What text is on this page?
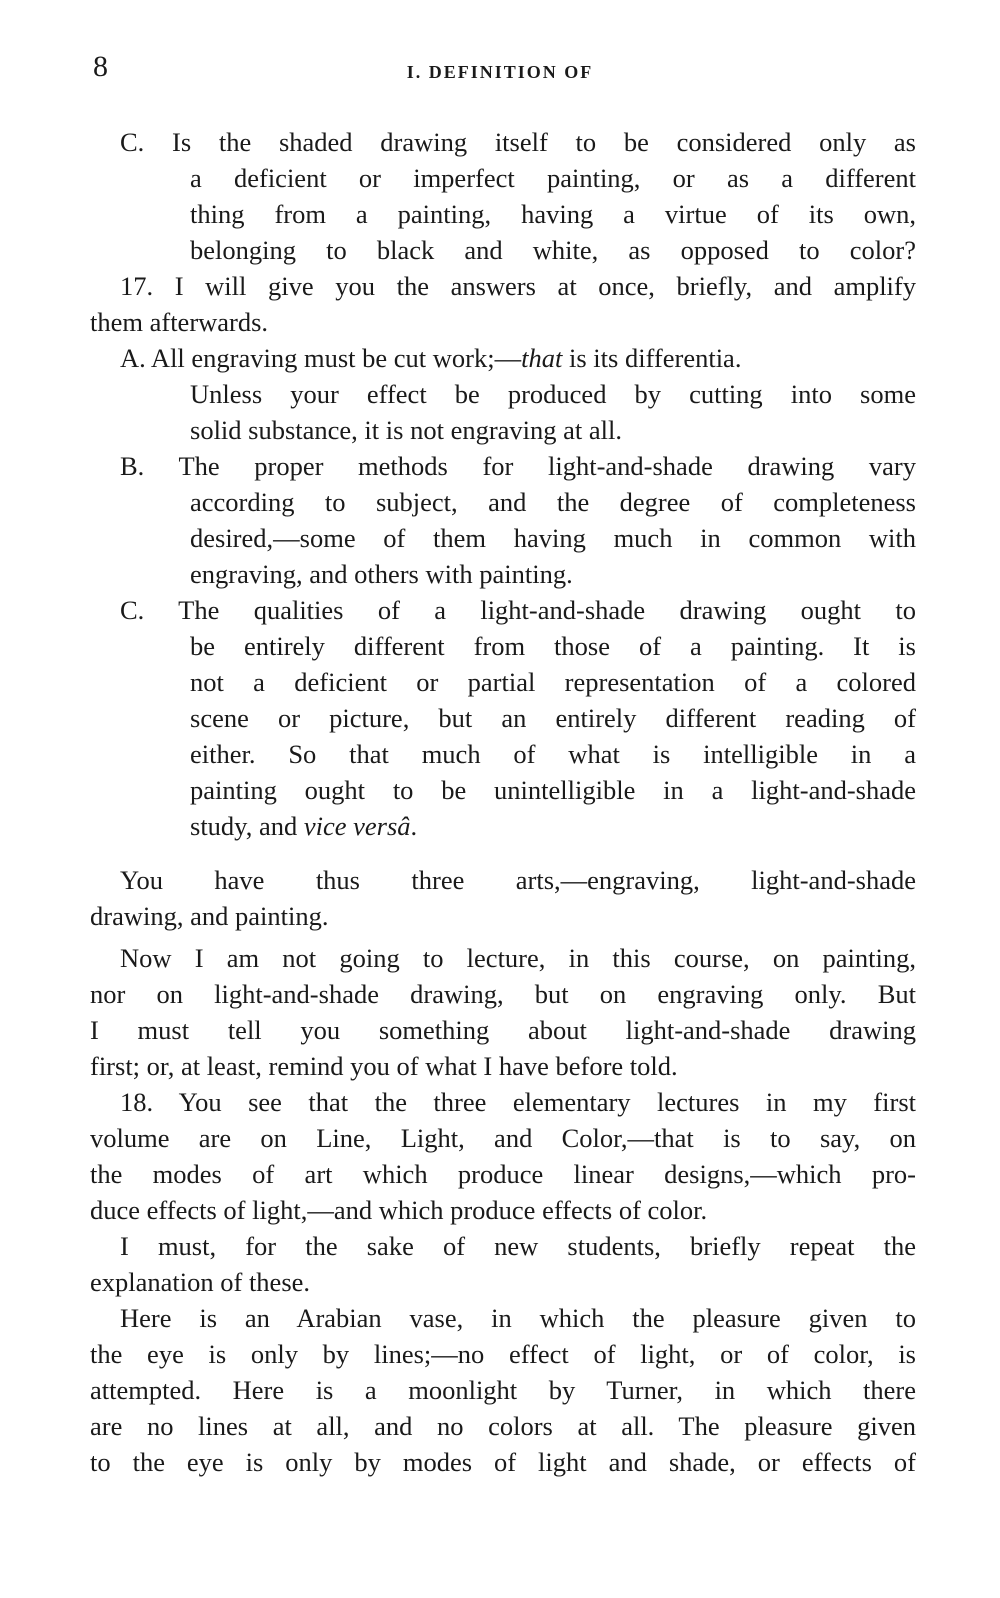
8	I. DEFINITION OF
C. Is the shaded drawing itself to be considered only as
a deficient or imperfect painting, or as a different
thing from a painting, having a virtue of its own,
belonging to black and white, as opposed to color?
17. I will give you the answers at once, briefly, and amplify
them afterwards.
A. All engraving must be cut work;—that is its differentia.
Unless your effect be produced by cutting into some
solid substance, it is not engraving at all.
B. The proper methods for light-and-shade drawing vary
according to subject, and the degree of completeness
desired,—some of them having much in common with
engraving, and others with painting.
C. The qualities of a light-and-shade drawing ought to
be entirely different from those of a painting. It is
not a deficient or partial representation of a colored
scene or picture, but an entirely different reading of
either. So that much of what is intelligible in a
painting ought to be unintelligible in a light-and-shade
study, and vice versâ.
You have thus three arts,—engraving, light-and-shade
drawing, and painting.
Now I am not going to lecture, in this course, on painting,
nor on light-and-shade drawing, but on engraving only. But
I must tell you something about light-and-shade drawing
first; or, at least, remind you of what I have before told.
18. You see that the three elementary lectures in my first
volume are on Line, Light, and Color,—that is to say, on
the modes of art which produce linear designs,—which pro-
duce effects of light,—and which produce effects of color.
I must, for the sake of new students, briefly repeat the
explanation of these.
Here is an Arabian vase, in which the pleasure given to
the eye is only by lines;—no effect of light, or of color, is
attempted. Here is a moonlight by Turner, in which there
are no lines at all, and no colors at all. The pleasure given
to the eye is only by modes of light and shade, or effects of
